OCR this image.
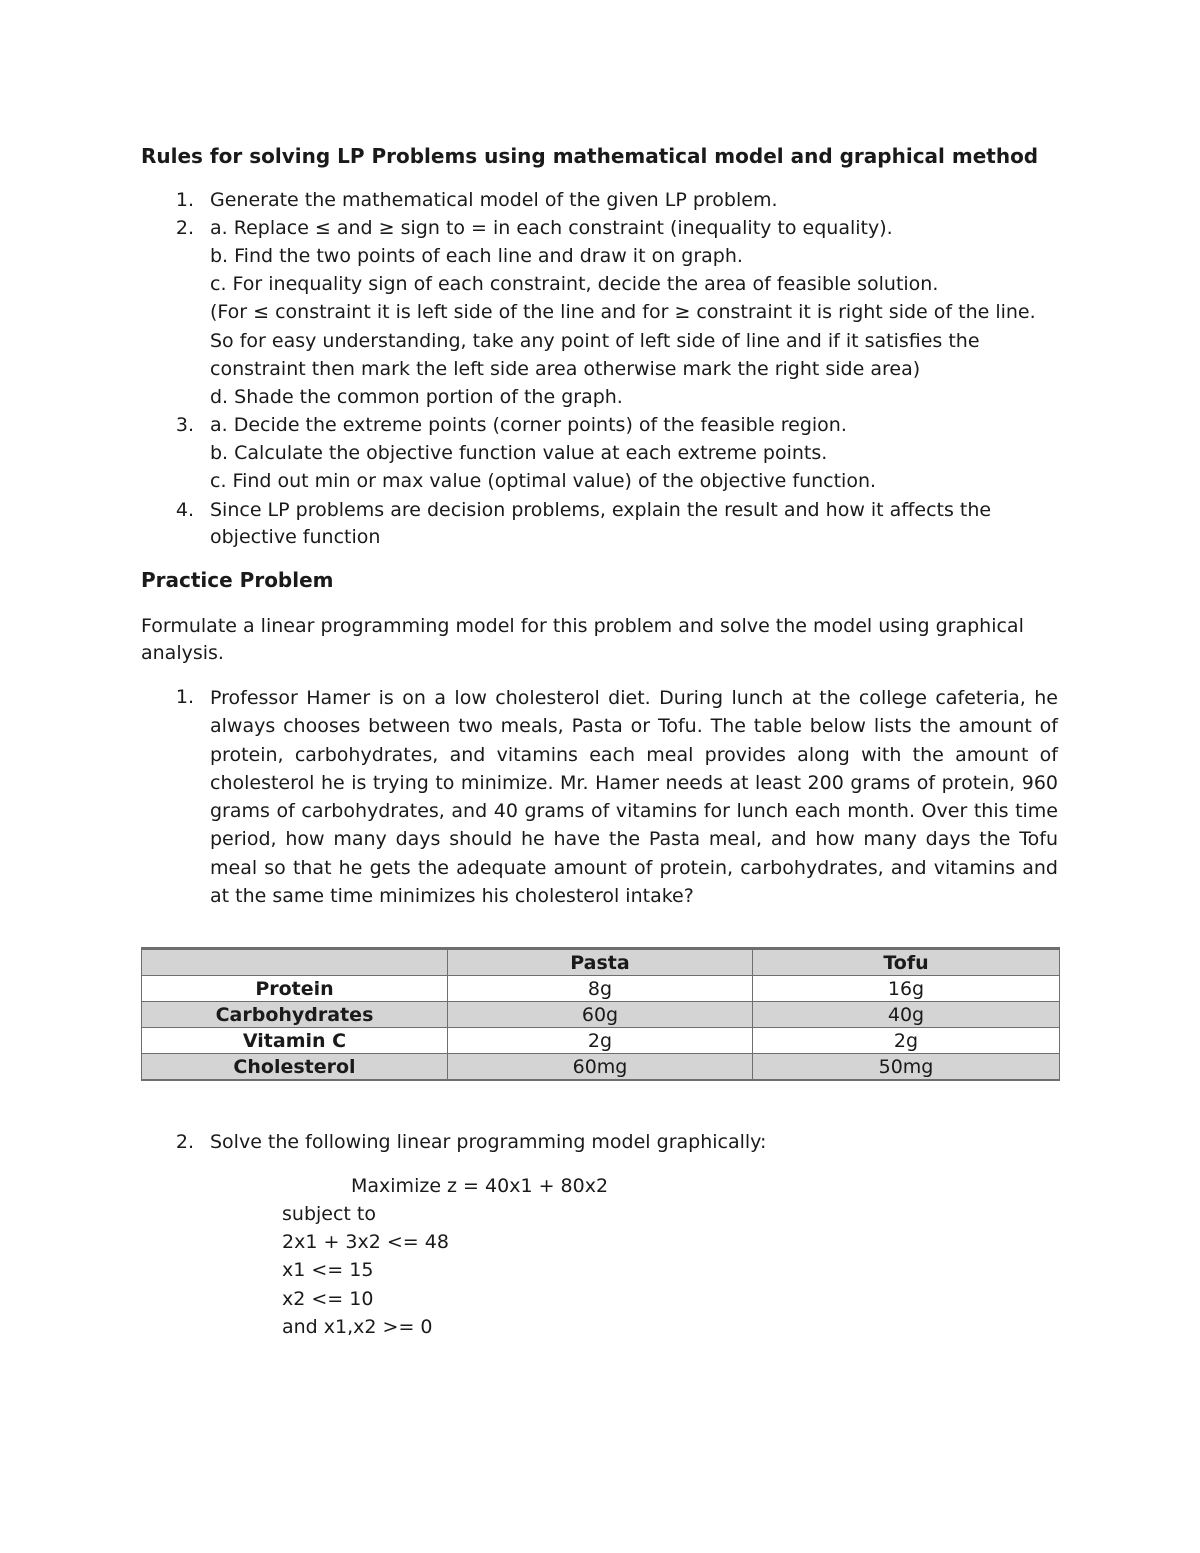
Rules for solving LP Problems using mathematical model and graphical method
1. Generate the mathematical model of the given LP problem.
2. a. Replace ≤ and ≥ sign to = in each constraint (inequality to equality).
b. Find the two points of each line and draw it on graph.
c. For inequality sign of each constraint, decide the area of feasible solution.
(For ≤ constraint it is left side of the line and for ≥ constraint it is right side of the line.
So for easy understanding, take any point of left side of line and if it satisfies the
constraint then mark the left side area otherwise mark the right side area)
d. Shade the common portion of the graph.
3. a. Decide the extreme points (corner points) of the feasible region.
b. Calculate the objective function value at each extreme points.
c. Find out min or max value (optimal value) of the objective function.
4. Since LP problems are decision problems, explain the result and how it affects the
objective function
Practice Problem
Formulate a linear programming model for this problem and solve the model using graphical
analysis.
1. Professor Hamer is on a low cholesterol diet. During lunch at the college cafeteria, he always chooses between two meals, Pasta or Tofu. The table below lists the amount of protein, carbohydrates, and vitamins each meal provides along with the amount of cholesterol he is trying to minimize. Mr. Hamer needs at least 200 grams of protein, 960 grams of carbohydrates, and 40 grams of vitamins for lunch each month. Over this time period, how many days should he have the Pasta meal, and how many days the Tofu meal so that he gets the adequate amount of protein, carbohydrates, and vitamins and at the same time minimizes his cholesterol intake?
	Pasta	Tofu
Protein	8g	16g
Carbohydrates	60g	40g
Vitamin C	2g	2g
Cholesterol	60mg	50mg
2. Solve the following linear programming model graphically:
Maximize z = 40x1 + 80x2
subject to
2x1 + 3x2 <= 48
x1 <= 15
x2 <= 10
and x1,x2 >= 0
